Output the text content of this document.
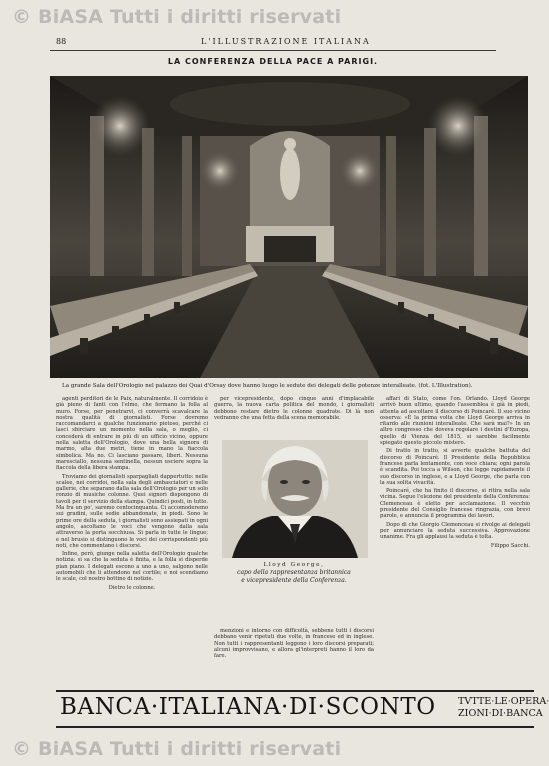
© BiASA Tutti i diritti riservati
88	L'ILLUSTRAZIONE ITALIANA
LA CONFERENZA DELLA PACE A PARIGI.
La grande Sala dell'Orologio nel palazzo dei Quai d'Orsay dove hanno luogo le sedute dei delegati delle potenze interalleate. (fot. L'Illustration).

agenti perditori de le Paix, naturalmente. Il corridoio è già pieno di fanti con l'elmo, che fermano la folla al muro. Forse, per penetrarvi, ci converrà scavalcare la nostra qualità di giornalisti. Forse dovremo raccomandarci a qualche funzionario pietoso, perché ci lasci sbirciare un momento nella sala, o meglio, ci concederà di entrare in più di un ufficio vicino, oppure nella saletta dell'Orologio, dove una bella signora di marmo, alta due metri, tiene in mano la fiaccola simbolica. Ma no. Ci lasciano passare, liberi. Nessuna maresciallo, nessuna sentinella, nessun usciere sopra la fiaccola della libera stampa.

Troviamo dei giornalisti sparpagliati dappertutto: nelle scalee, nei corridoi, nella sala degli ambasciatori e nelle gallerie, che separano dalla sala dell'Orologio per un solo ronzio di musiche colonne. Quei signori dispongono di tavoli per il servizio della stampa. Quindici posti, in tutto. Ma fra un po', saremo centocinquanta. Ci accomoderemo sui gradini, sulle sedie abbandonate, in piedi. Sono le prime ore della seduta, i giornalisti sono assiepati in ogni angolo, ascoltano le voci che vengono dalla sala attraverso la porta socchiusa. Si parla in tutte le lingue; e nel brusio si distinguono le voci dei corrispondenti più noti, che commentano i discorsi.

Infine, però, giunge nella saletta dell'Orologio qualche notizia: si sa che la seduta è finita, e la folla si disperde pian piano. I delegati escono a uno a uno, salgono nelle automobili che li attendono nel cortile; e noi scendiamo le scale, col nostro bottino di notizie.

Dietro le colonne.

per vicepresidente, dopo cinque anni d'implacabile guerra, la nuova carta politica del mondo, i giornalisti debbono restare dietro le colonne quadrate. Di là non vedranno che una fetta della scena memorabile.

Lloyd George,
capo della rappresentanza britannica
e vicepresidente della Conferenza.

menzioni e intorno con difficoltà, sebbene tutti i discorsi debbano venir ripetuti due volte, in francese ed in inglese. Non tutti i rappresentanti leggono i loro discorsi preparati; alcuni improvvisano, e allora gl'interpreti hanno il loro da fare.

affari di Stato, come l'on. Orlando. Lloyd George arrivò buon ultimo, quando l'assemblea è già in piedi, attenta ad ascoltare il discorso di Poincaré. Il suo vicino osserva: «È la prima volta che Lloyd George arriva in ritardo alle riunioni interalleate. Che sarà mai?» In un altro congresso che doveva regolare i destini d'Europa, quello di Vienza del 1815, si sarebbe facilmente spiegato questo piccolo mistero.

Di tratto in tratto, si avverte qualche battuta del discorso di Poincaré. Il Presidente della Repubblica francese parla lentamente, con voce chiara; ogni parola è scandita. Poi tocca a Wilson, che legge rapidamente il suo discorso in inglese, e a Lloyd George, che parla con la sua solita vivacità.

Poincaré, che ha finito il discorso, si ritira nella sala vicina. Segue l'elezione del presidente della Conferenza: Clemenceau è eletto per acclamazione. Il vecchio presidente del Consiglio francese ringrazia, con brevi parole, e annuncia il programma dei lavori.

Dopo di che Giorgio Clemenceau si rivolge ai delegati per annunciare la seduta successiva. Approvazione unanime. Fra gli applausi la seduta è tolta.

Filippo Sacchi.

BANCA·ITALIANA·DI·SCONTO TVTTE·LE·OPERA·
ZIONI·DI·BANCA
© BiASA Tutti i diritti riservati
